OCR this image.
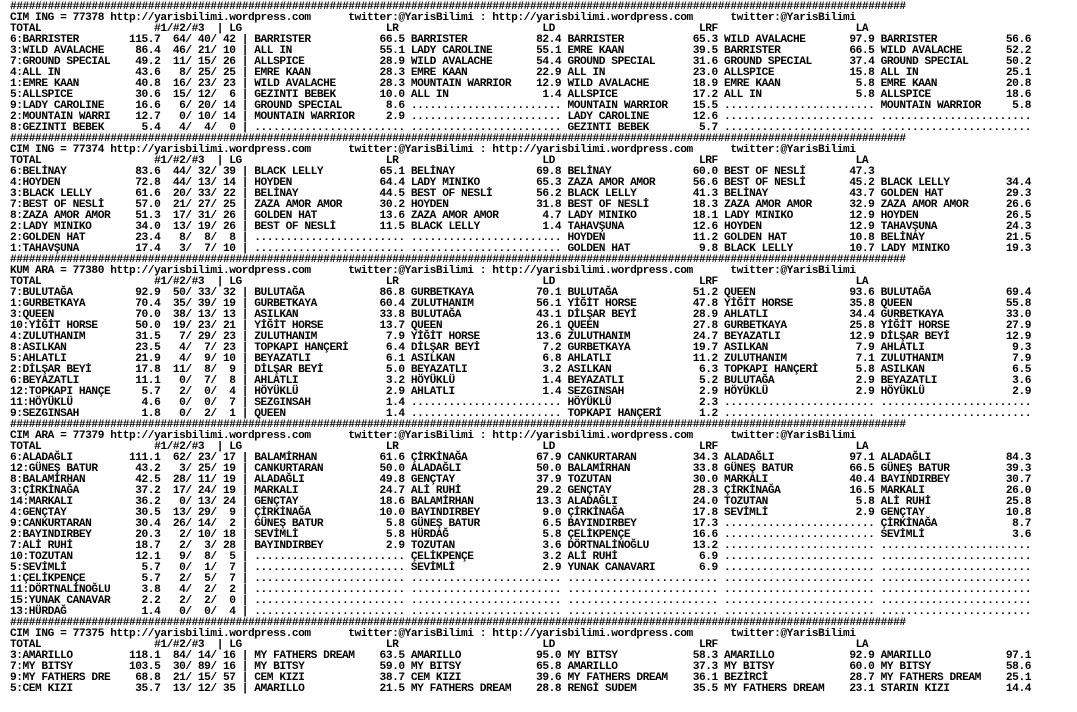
###############################################################################################################################################
CIM ING = 77378 http://yarisbilimi.wordpress.com      twitter:@YarisBilimi : http://yarisbilimi.wordpress.com      twitter:@YarisBilimi
TOTAL                  #1/#2/#3  | LG                       LR                       LD                       LRF                      LA
6:BARRISTER        115.7  64/ 40/ 42 | BARRISTER           66.5 BARRISTER           82.4 BARRISTER           65.3 WILD AVALACHE       97.9 BARRISTER           56.6
3:WILD AVALACHE     86.4  46/ 21/ 10 | ALL IN              55.1 LADY CAROLINE       55.1 EMRE KAAN           39.5 BARRISTER           66.5 WILD AVALACHE       52.2
7:GROUND SPECIAL    49.2  11/ 15/ 26 | ALLSPICE            28.9 WILD AVALACHE       54.4 GROUND SPECIAL      31.6 GROUND SPECIAL      37.4 GROUND SPECIAL      50.2
4:ALL IN            43.6   8/ 25/ 25 | EMRE KAAN           28.3 EMRE KAAN           22.9 ALL IN              23.0 ALLSPICE            15.8 ALL IN              25.1
1:EMRE KAAN         40.8  16/ 23/ 23 | WILD AVALACHE       28.3 MOUNTAIN WARRIOR    12.9 WILD AVALACHE       18.9 EMRE KAAN            5.8 EMRE KAAN           20.8
5:ALLSPICE          30.6  15/ 12/  6 | GEZINTI BEBEK       10.0 ALL IN               1.4 ALLSPICE            17.2 ALL IN               5.8 ALLSPICE            18.6
9:LADY CAROLINE     16.6   6/ 20/ 14 | GROUND SPECIAL       8.6 ........................ MOUNTAIN WARRIOR    15.5 ........................ MOUNTAIN WARRIOR     5.8
2:MOUNTAIN WARRI    12.7   0/ 10/ 14 | MOUNTAIN WARRIOR     2.9 ........................ LADY CAROLINE       12.6 ........................ ........................
8:GEZINTI BEBEK      5.4   4/  4/  0 | ........................ ........................ GEZINTI BEBEK        5.7 ........................ ........................
###############################################################################################################################################
CIM ING = 77374 http://yarisbilimi.wordpress.com      twitter:@YarisBilimi : http://yarisbilimi.wordpress.com      twitter:@YarisBilimi
TOTAL                  #1/#2/#3  | LG                       LR                       LD                       LRF                      LA
6:BELİNAY           83.6  44/ 32/ 39 | BLACK LELLY         65.1 BELİNAY             69.8 BELİNAY             60.0 BEST OF NESLİ       47.3
4:HOYDEN            72.8  44/ 13/ 14 | HOYDEN              64.4 LADY MINIKO         65.3 ZAZA AMOR AMOR      56.6 BEST OF NESLİ       45.2 BLACK LELLY         34.4
3:BLACK LELLY       61.6  20/ 33/ 22 | BELİNAY             44.5 BEST OF NESLİ       56.2 BLACK LELLY         41.3 BELİNAY             43.7 GOLDEN HAT          29.3
7:BEST OF NESLİ     57.0  21/ 27/ 25 | ZAZA AMOR AMOR      30.2 HOYDEN              31.8 BEST OF NESLİ       18.3 ZAZA AMOR AMOR      32.9 ZAZA AMOR AMOR      26.6
8:ZAZA AMOR AMOR    51.3  17/ 31/ 26 | GOLDEN HAT          13.6 ZAZA AMOR AMOR       4.7 LADY MINIKO         18.1 LADY MINIKO         12.9 HOYDEN              26.5
2:LADY MINIKO       34.0  13/ 19/ 26 | BEST OF NESLİ       11.5 BLACK LELLY          1.4 TAHAVŞUNA           12.6 HOYDEN              12.9 TAHAVŞUNA           24.3
2:GOLDEN HAT        23.4   8/  8/  8 | ........................ ........................ HOYDEN              11.2 GOLDEN HAT          10.8 BELİNAY             21.5
1:TAHAVŞUNA         17.4   3/  7/ 10 | ........................ ........................ GOLDEN HAT           9.8 BLACK LELLY         10.7 LADY MINIKO         19.3
###############################################################################################################################################
KUM ARA = 77380 http://yarisbilimi.wordpress.com      twitter:@YarisBilimi : http://yarisbilimi.wordpress.com      twitter:@YarisBilimi
TOTAL                  #1/#2/#3  | LG                       LR                       LD                       LRF                      LA
7:BULUTAĞA          92.9  50/ 33/ 32 | BULUTAĞA            86.8 GURBETKAYA          70.1 BULUTAĞA            51.2 QUEEN               93.6 BULUTAĞA            69.4
1:GURBETKAYA        70.4  35/ 39/ 19 | GURBETKAYA          60.4 ZULUTHANIM          56.1 YİĞİT HORSE         47.8 YİĞİT HORSE         35.8 QUEEN               55.8
3:QUEEN             70.0  38/ 13/ 13 | ASILKAN             33.8 BULUTAĞA            43.1 DİLŞAR BEYİ         28.9 AHLATLI             34.4 GURBETKAYA          33.0
10:YİĞİT HORSE      50.0  19/ 23/ 21 | YİĞİT HORSE         13.7 QUEEN               26.1 QUEEN               27.8 GURBETKAYA          25.8 YİĞİT HORSE         27.9
4:ZULUTHANIM        31.5   7/ 29/ 23 | ZULUTHANIM           7.9 YİĞİT HORSE         13.6 ZULUTHANIM          24.7 BEYAZATLI           12.9 DİLŞAR BEYİ         12.9
8:ASILKAN           23.5   4/  7/ 23 | TOPKAPI HANÇERİ      6.4 DİLŞAR BEYİ          7.2 GURBETKAYA          19.7 ASILKAN              7.9 AHLATLI              9.3
5:AHLATLI           21.9   4/  9/ 10 | BEYAZATLI            6.1 ASILKAN              6.8 AHLATLI             11.2 ZULUTHANIM           7.1 ZULUTHANIM           7.9
2:DİLŞAR BEYİ       17.8  11/  8/  9 | DİLŞAR BEYİ          5.0 BEYAZATLI            3.2 ASILKAN              6.3 TOPKAPI HANÇERİ      5.8 ASILKAN              6.5
6:BEYAZATLI         11.1   0/  7/  8 | AHLATLI              3.2 HÖYÜKLÜ              1.4 BEYAZATLI            5.2 BULUTAĞA             2.9 BEYAZATLI            3.6
12:TOPKAPI HANÇE     5.7   2/  0/  4 | HÖYÜKLÜ              2.9 AHLATLI              1.4 SEZGINSAH            2.9 HÖYÜKLÜ              2.9 HÖYÜKLÜ              2.9
11:HÖYÜKLÜ           4.6   0/  0/  7 | SEZGINSAH            1.4 ........................ HÖYÜKLÜ              2.3 ........................ ........................
9:SEZGINSAH          1.8   0/  2/  1 | QUEEN                1.4 ........................ TOPKAPI HANÇERİ      1.2 ........................ ........................
###############################################################################################################################################
CIM ARA = 77379 http://yarisbilimi.wordpress.com      twitter:@YarisBilimi : http://yarisbilimi.wordpress.com      twitter:@YarisBilimi
TOTAL                  #1/#2/#3  | LG                       LR                       LD                       LRF                      LA
6:ALADAĞLI         111.1  62/ 23/ 17 | BALAMİRHAN          61.6 ÇİRKİNAĞA           67.9 CANKURTARAN         34.3 ALADAĞLI            97.1 ALADAĞLI            84.3
12:GÜNEŞ BATUR      43.2   3/ 25/ 19 | CANKURTARAN         50.0 ALADAĞLI            50.0 BALAMİRHAN          33.8 GÜNEŞ BATUR         66.5 GÜNEŞ BATUR         39.3
8:BALAMİRHAN        42.5  28/ 11/ 19 | ALADAĞLI            49.8 GENÇTAY             37.9 TOZUTAN             30.0 MARKALI             40.4 BAYINDIRBEY         30.7
3:ÇİRKİNAĞA         37.2  17/ 24/ 19 | MARKALI             24.7 ALİ RUHİ            29.2 GENÇTAY             28.3 ÇİRKİNAĞA           16.5 MARKALI             26.0
14:MARKALI          36.2   0/ 13/ 24 | GENÇTAY             18.6 BALAMİRHAN          13.3 ALADAĞLI            24.0 TOZUTAN              5.8 ALİ RUHİ            25.8
4:GENÇTAY           30.5  13/ 29/  9 | ÇİRKİNAĞA           10.0 BAYINDIRBEY          9.0 ÇİRKİNAĞA           17.8 SEVİMLİ              2.9 GENÇTAY             10.8
9:CANKURTARAN       30.4  26/ 14/  2 | GÜNEŞ BATUR          5.8 GÜNEŞ BATUR          6.5 BAYINDIRBEY         17.3 ........................ ÇİRKİNAĞA            8.7
2:BAYINDIRBEY       20.3   2/ 10/ 18 | SEVİMLİ              5.8 HÜRDAĞ               5.8 ÇELİKPENÇE          16.6 ........................ SEVİMLİ              3.6
7:ALİ RUHİ          18.7   2/  3/ 28 | BAYINDIRBEY          2.9 TOZUTAN              3.6 DÖRTNALİNOĞLU       13.2 ........................ ........................
10:TOZUTAN          12.1   9/  8/  5 | ........................ ÇELİKPENÇE           3.2 ALİ RUHİ             6.9 ........................ ........................
5:SEVİMLİ            5.7   0/  1/  7 | ........................ SEVİMLİ              2.9 YUNAK CANAVARI       6.9 ........................ ........................
1:ÇELİKPENÇE         5.7   2/  5/  7 | ........................ ........................ ........................ ........................ ........................
11:DÖRTNALİNOĞLU     3.8   4/  2/  2 | ........................ ........................ ........................ ........................ ........................
15:YUNAK CANAVAR     2.2   2/  2/  0 | ........................ ........................ ........................ ........................ ........................
13:HÜRDAĞ            1.4   0/  0/  4 | ........................ ........................ ........................ ........................ ........................
###############################################################################################################################################
CIM ING = 77375 http://yarisbilimi.wordpress.com      twitter:@YarisBilimi : http://yarisbilimi.wordpress.com      twitter:@YarisBilimi
TOTAL                  #1/#2/#3  | LG                       LR                       LD                       LRF                      LA
3:AMARILLO         118.1  84/ 14/ 16 | MY FATHERS DREAM    63.5 AMARILLO            95.0 MY BITSY            58.3 AMARILLO            92.9 AMARILLO            97.1
7:MY BITSY         103.5  30/ 89/ 16 | MY BITSY            59.0 MY BITSY            65.8 AMARILLO            37.3 MY BITSY            60.0 MY BITSY            58.6
9:MY FATHERS DRE    68.8  21/ 15/ 57 | CEM KIZI            38.7 CEM KIZI            39.6 MY FATHERS DREAM    36.1 BEZİRCİ             28.7 MY FATHERS DREAM    25.1
5:CEM KIZI          35.7  13/ 12/ 35 | AMARILLO            21.5 MY FATHERS DREAM    28.8 RENGİ SUDEM         35.5 MY FATHERS DREAM    23.1 STARIN KIZI         14.4
